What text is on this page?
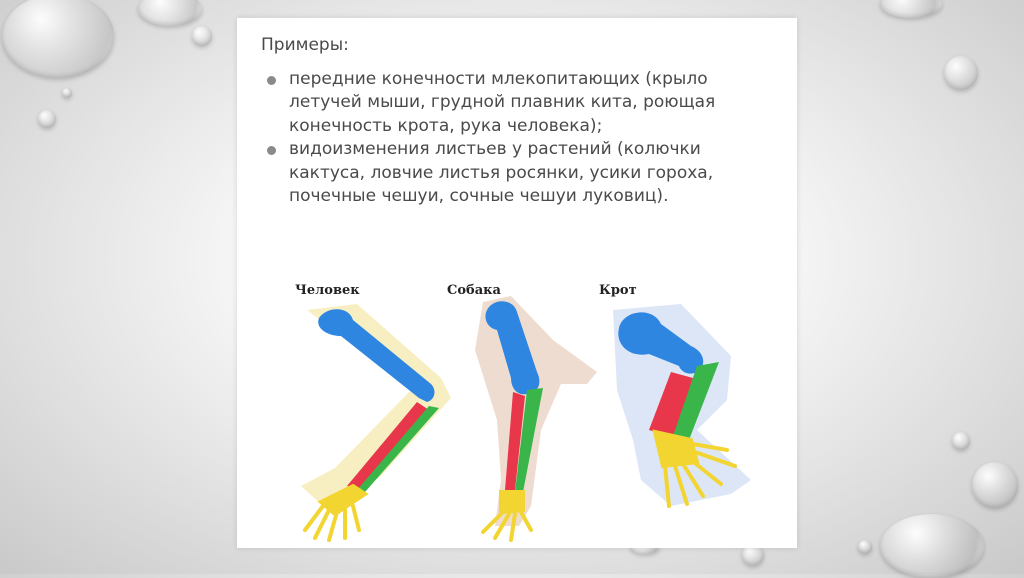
Примеры:
передние конечности млекопитающих (крыло летучей мыши, грудной плавник кита, роющая конечность крота, рука человека);
видоизменения листьев у растений (колючки кактуса, ловчие листья росянки, усики гороха, почечные чешуи, сочные чешуи луковиц).
Человек	Собака	Крот
